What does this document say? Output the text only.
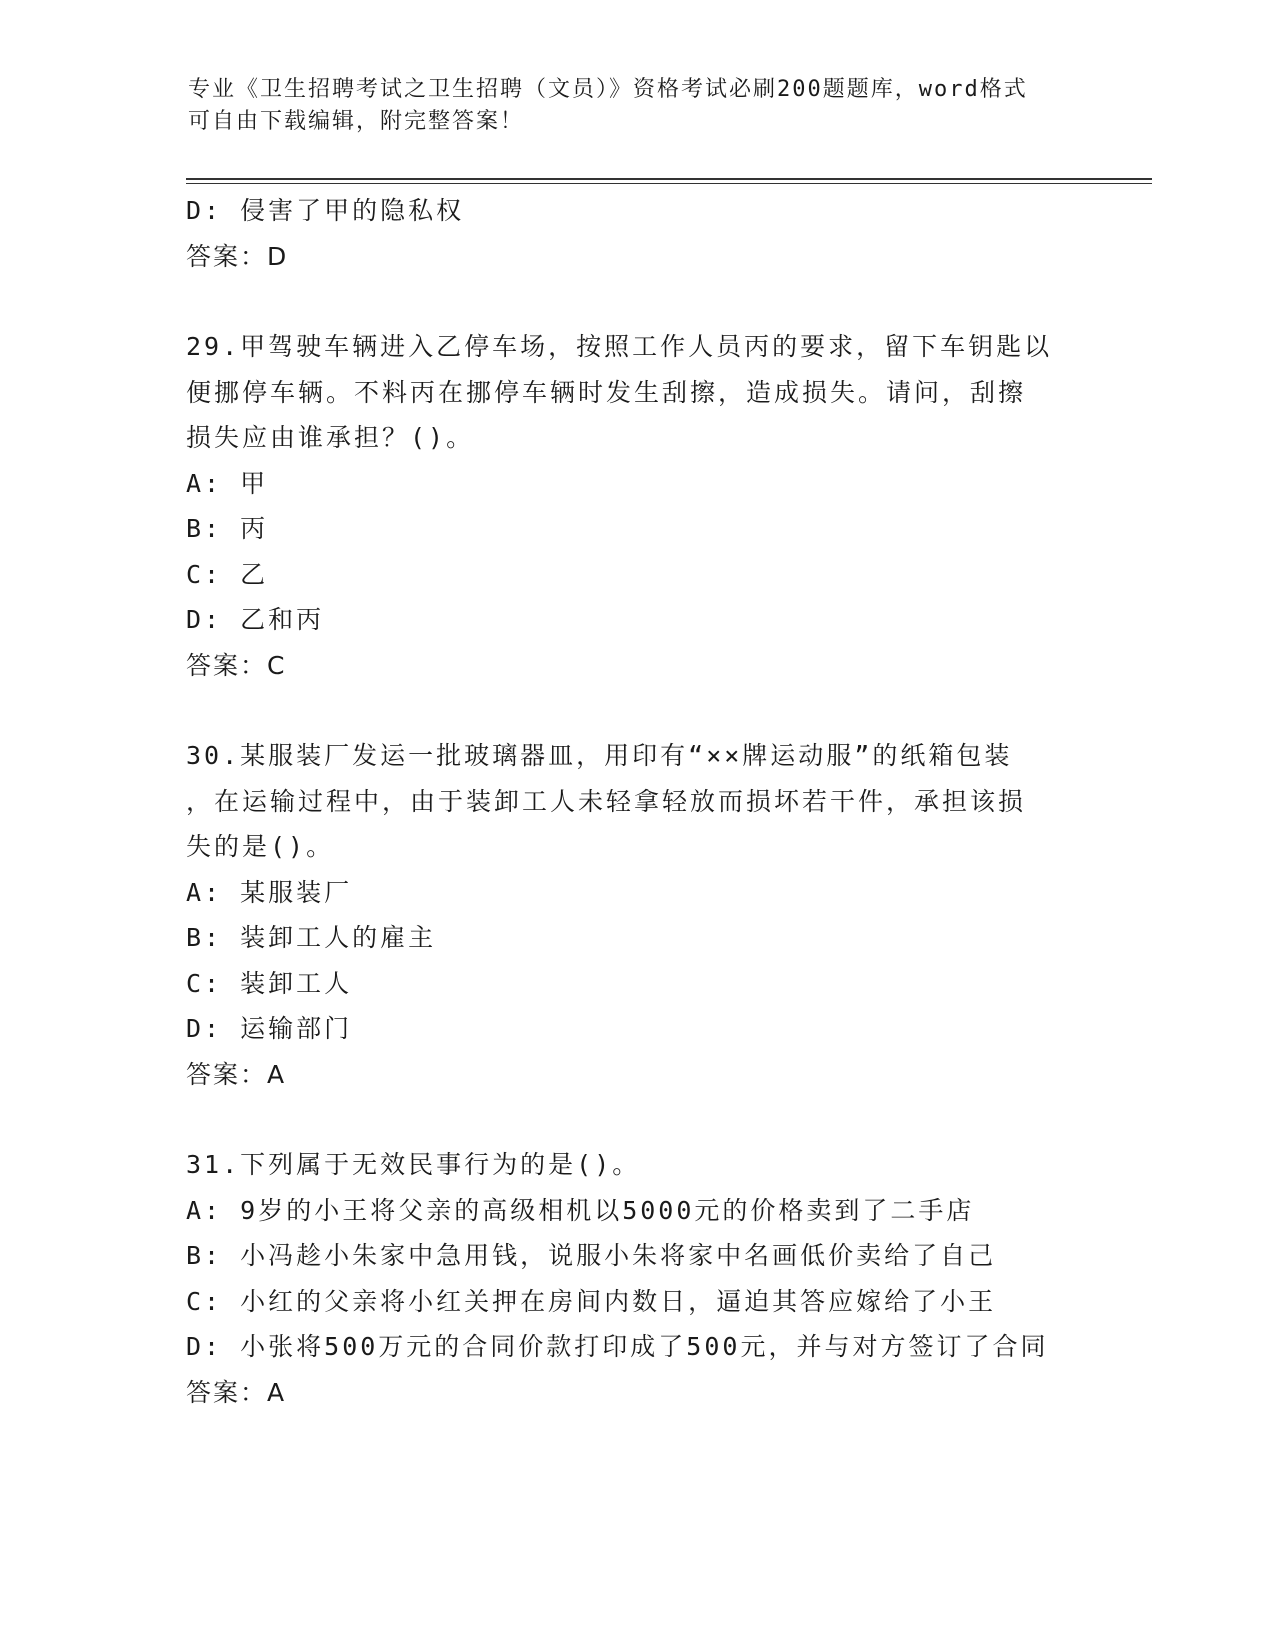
专业《卫生招聘考试之卫生招聘（文员）》资格考试必刷200题题库，word格式
可自由下载编辑，附完整答案！
D: 侵害了甲的隐私权
答案：D
29.甲驾驶车辆进入乙停车场，按照工作人员丙的要求，留下车钥匙以
便挪停车辆。不料丙在挪停车辆时发生刮擦，造成损失。请问，刮擦
损失应由谁承担？()。
A: 甲
B: 丙
C: 乙
D: 乙和丙
答案：C
30.某服装厂发运一批玻璃器皿，用印有“××牌运动服”的纸箱包装
，在运输过程中，由于装卸工人未轻拿轻放而损坏若干件，承担该损
失的是()。
A: 某服装厂
B: 装卸工人的雇主
C: 装卸工人
D: 运输部门
答案：A
31.下列属于无效民事行为的是()。
A: 9岁的小王将父亲的高级相机以5000元的价格卖到了二手店
B: 小冯趁小朱家中急用钱，说服小朱将家中名画低价卖给了自己
C: 小红的父亲将小红关押在房间内数日，逼迫其答应嫁给了小王
D: 小张将500万元的合同价款打印成了500元，并与对方签订了合同
答案：A
